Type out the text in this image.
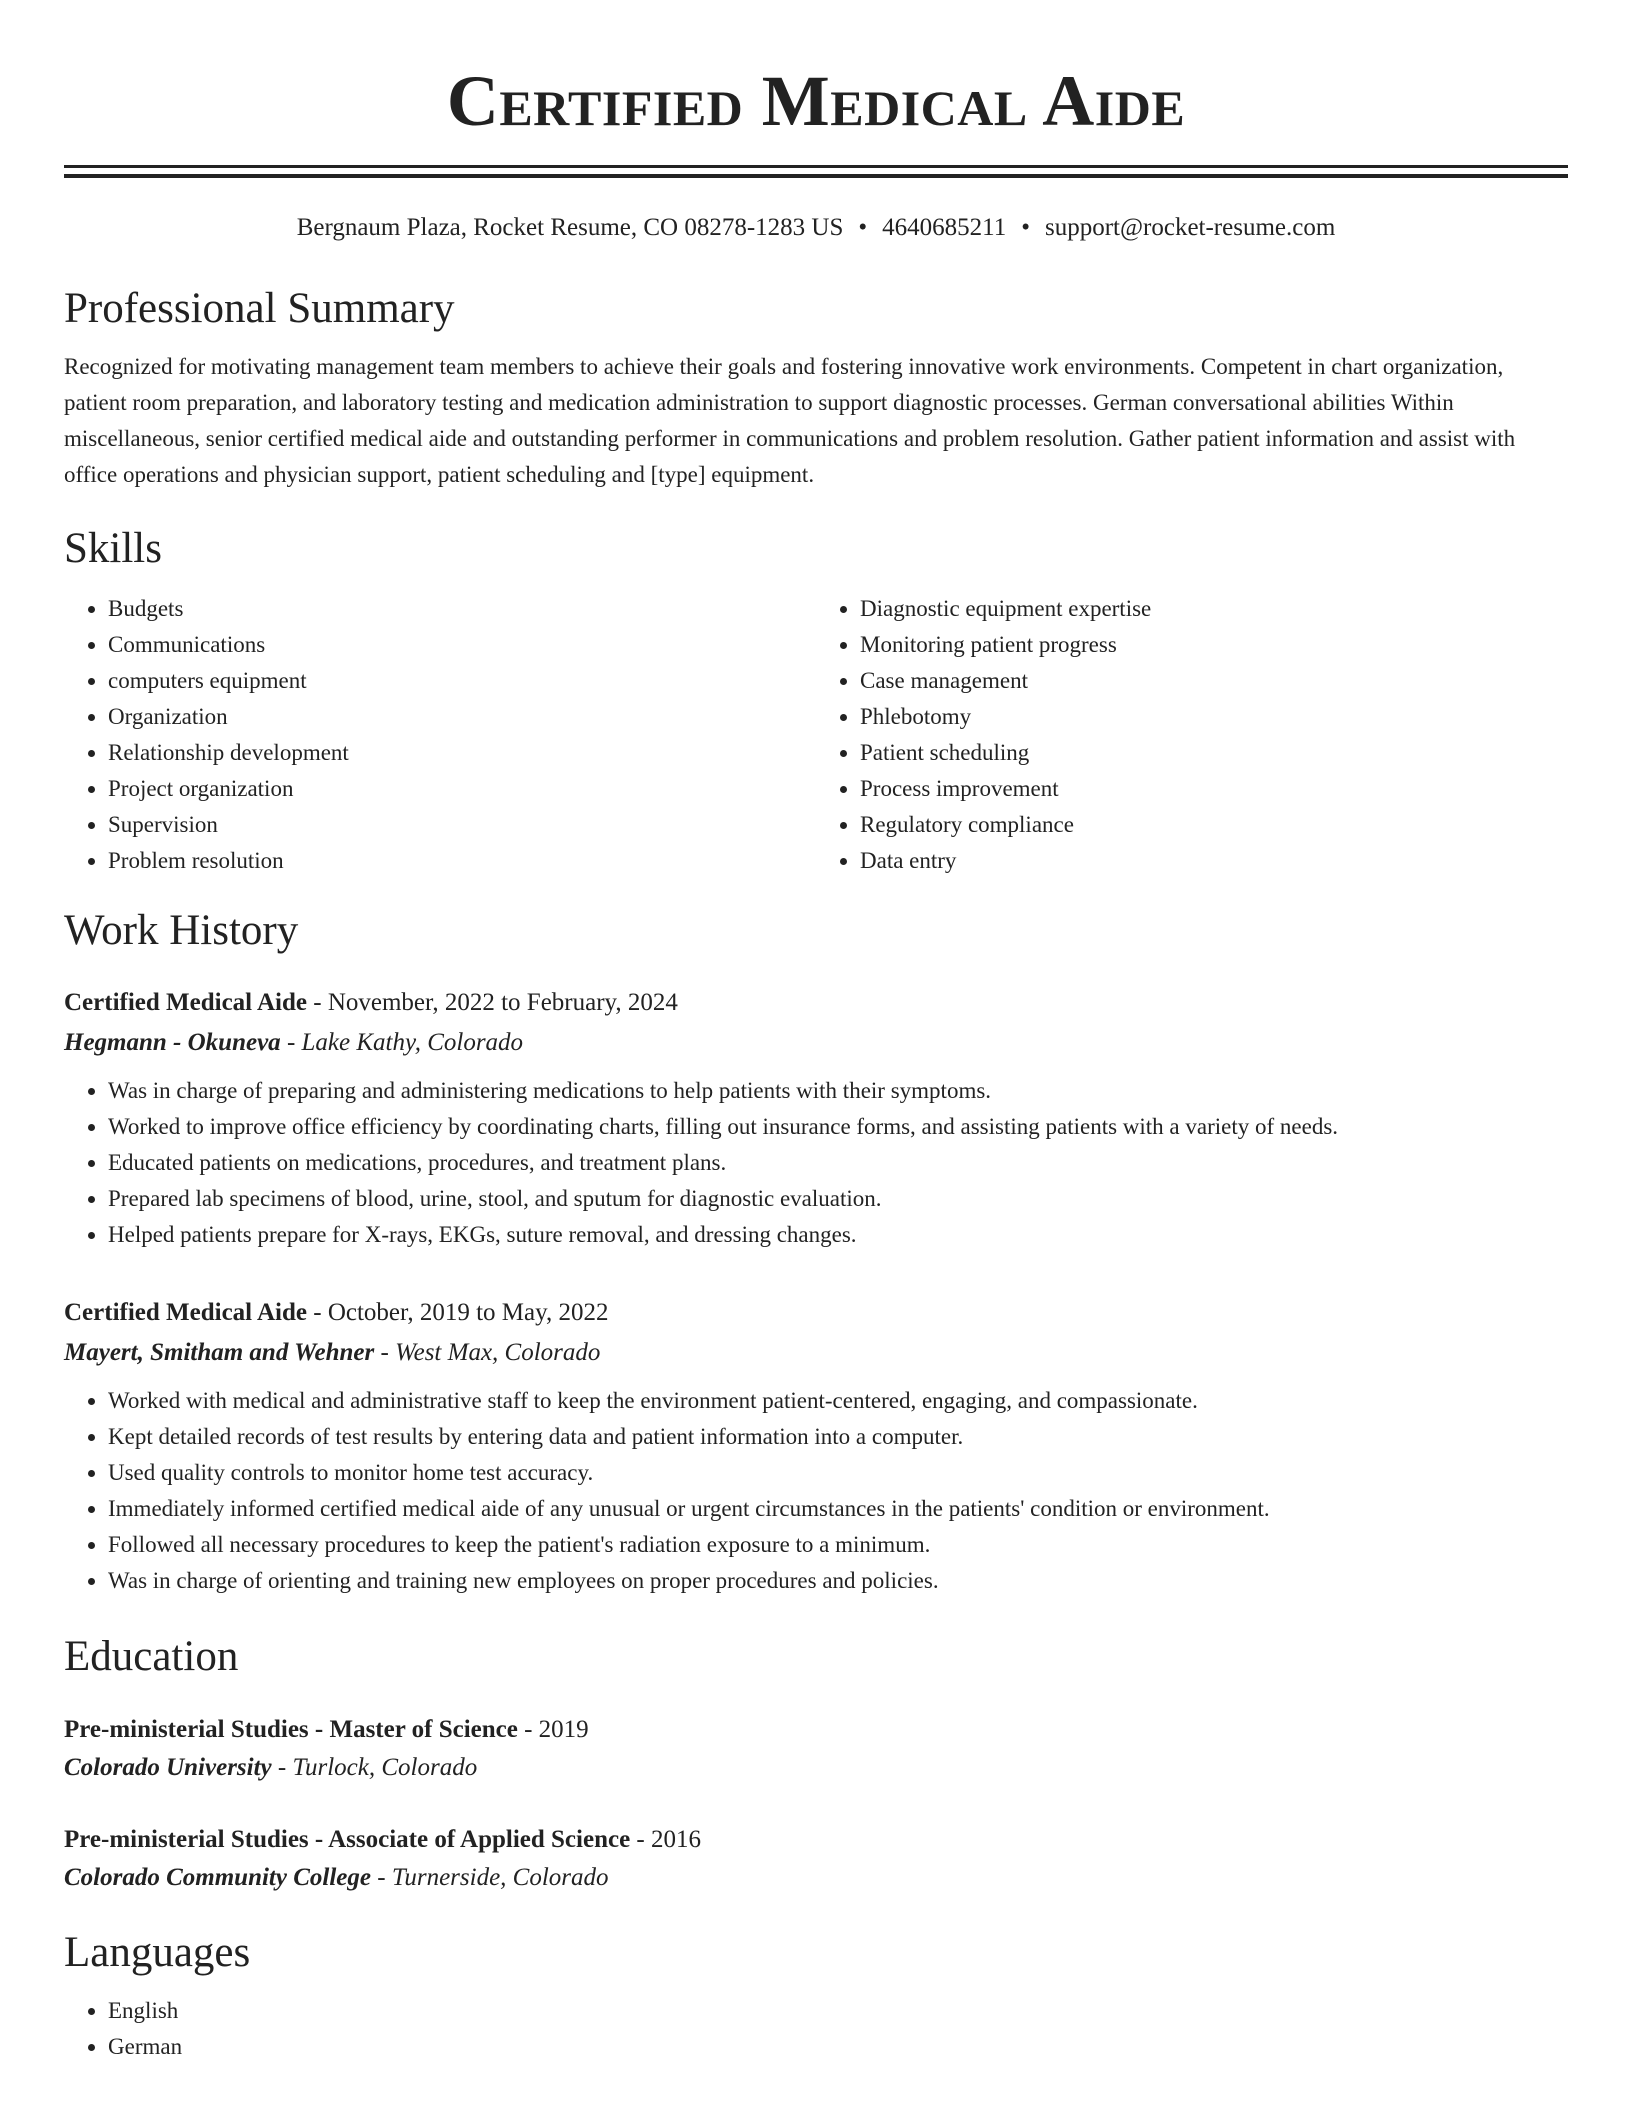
Certified Medical Aide
Bergnaum Plaza, Rocket Resume, CO 08278-1283 US • 4640685211 • support@rocket-resume.com
Professional Summary

Recognized for motivating management team members to achieve their goals and fostering innovative work environments. Competent in chart organization, patient room preparation, and laboratory testing and medication administration to support diagnostic processes. German conversational abilities Within miscellaneous, senior certified medical aide and outstanding performer in communications and problem resolution. Gather patient information and assist with office operations and physician support, patient scheduling and [type] equipment.

Skills
• Budgets
• Communications
• computers equipment
• Organization
• Relationship development
• Project organization
• Supervision
• Problem resolution
• Diagnostic equipment expertise
• Monitoring patient progress
• Case management
• Phlebotomy
• Patient scheduling
• Process improvement
• Regulatory compliance
• Data entry
Work History
Certified Medical Aide - November, 2022 to February, 2024
Hegmann - Okuneva - Lake Kathy, Colorado
• Was in charge of preparing and administering medications to help patients with their symptoms.
• Worked to improve office efficiency by coordinating charts, filling out insurance forms, and assisting patients with a variety of needs.
• Educated patients on medications, procedures, and treatment plans.
• Prepared lab specimens of blood, urine, stool, and sputum for diagnostic evaluation.
• Helped patients prepare for X-rays, EKGs, suture removal, and dressing changes.
Certified Medical Aide - October, 2019 to May, 2022
Mayert, Smitham and Wehner - West Max, Colorado
• Worked with medical and administrative staff to keep the environment patient-centered, engaging, and compassionate.
• Kept detailed records of test results by entering data and patient information into a computer.
• Used quality controls to monitor home test accuracy.
• Immediately informed certified medical aide of any unusual or urgent circumstances in the patients' condition or environment.
• Followed all necessary procedures to keep the patient's radiation exposure to a minimum.
• Was in charge of orienting and training new employees on proper procedures and policies.
Education
Pre-ministerial Studies - Master of Science - 2019
Colorado University - Turlock, Colorado
Pre-ministerial Studies - Associate of Applied Science - 2016
Colorado Community College - Turnerside, Colorado
Languages
• English
• German
